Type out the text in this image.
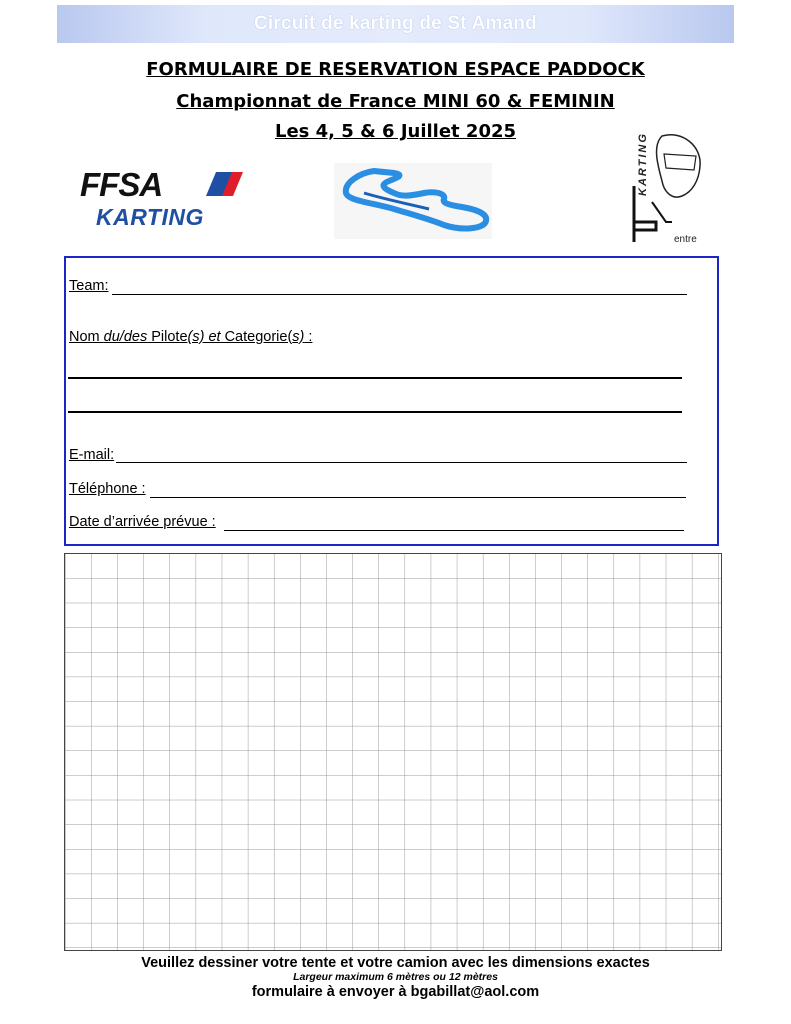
Circuit de karting de St Amand
FORMULAIRE DE RESERVATION ESPACE PADDOCK
Championnat de France MINI 60 & FEMININ
Les 4, 5 & 6 Juillet 2025
FFSA
KARTING
KARTING
entre
Team:
Nom du/des Pilote(s) et Categorie(s) :
E-mail:
Téléphone :
Date d’arrivée prévue :
Veuillez dessiner votre tente et votre camion avec les dimensions exactes
Largeur maximum 6 mètres ou 12 mètres
formulaire à envoyer à bgabillat@aol.com
